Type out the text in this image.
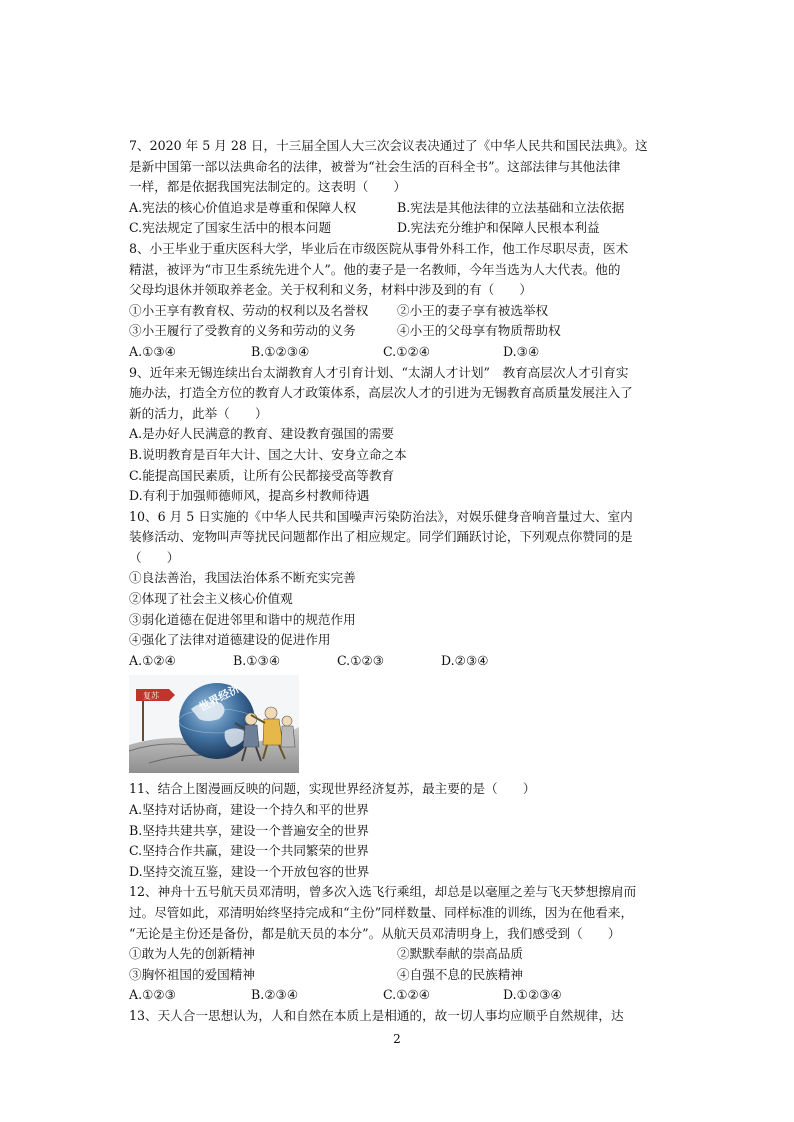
7、2020 年 5 月 28 日，十三届全国人大三次会议表决通过了《中华人民共和国民法典》。这
是新中国第一部以法典命名的法律，被誉为“社会生活的百科全书”。这部法律与其他法律
一样，都是依据我国宪法制定的。这表明（　　）
A.宪法的核心价值追求是尊重和保障人权	B.宪法是其他法律的立法基础和立法依据
C.宪法规定了国家生活中的根本问题	D.宪法充分维护和保障人民根本利益
8、小王毕业于重庆医科大学，毕业后在市级医院从事骨外科工作，他工作尽职尽责，医术
精湛，被评为“市卫生系统先进个人”。他的妻子是一名教师，今年当选为人大代表。他的
父母均退休并领取养老金。关于权利和义务，材料中涉及到的有（　　）
①小王享有教育权、劳动的权利以及名誉权	②小王的妻子享有被选举权
③小王履行了受教育的义务和劳动的义务	④小王的父母享有物质帮助权
A.①③④	B.①②③④	C.①②④	D.③④
9、近年来无锡连续出台太湖教育人才引育计划、“太湖人才计划”　教育高层次人才引育实
施办法，打造全方位的教育人才政策体系，高层次人才的引进为无锡教育高质量发展注入了
新的活力，此举（　　）
A.是办好人民满意的教育、建设教育强国的需要
B.说明教育是百年大计、国之大计、安身立命之本
C.能提高国民素质，让所有公民都接受高等教育
D.有利于加强师德师风，提高乡村教师待遇
10、6 月 5 日实施的《中华人民共和国噪声污染防治法》，对娱乐健身音响音量过大、室内
装修活动、宠物叫声等扰民问题都作出了相应规定。同学们踊跃讨论，下列观点你赞同的是
（　　）
①良法善治，我国法治体系不断充实完善
②体现了社会主义核心价值观
③弱化道德在促进邻里和谐中的规范作用
④强化了法律对道德建设的促进作用
A.①②④	B.①③④	C.①②③	D.②③④
复苏	世界经济
11、结合上图漫画反映的问题，实现世界经济复苏，最主要的是（　　）
A.坚持对话协商，建设一个持久和平的世界
B.坚持共建共享，建设一个普遍安全的世界
C.坚持合作共赢，建设一个共同繁荣的世界
D.坚持交流互鉴，建设一个开放包容的世界
12、神舟十五号航天员邓清明，曾多次入选飞行乘组，却总是以毫厘之差与飞天梦想擦肩而
过。尽管如此，邓清明始终坚持完成和“主份”同样数量、同样标准的训练，因为在他看来，
“无论是主份还是备份，都是航天员的本分”。从航天员邓清明身上，我们感受到（　　）
①敢为人先的创新精神	②默默奉献的崇高品质
③胸怀祖国的爱国精神	④自强不息的民族精神
A.①②③	B.②③④	C.①②④	D.①②③④
13、天人合一思想认为，人和自然在本质上是相通的，故一切人事均应顺乎自然规律，达
2
